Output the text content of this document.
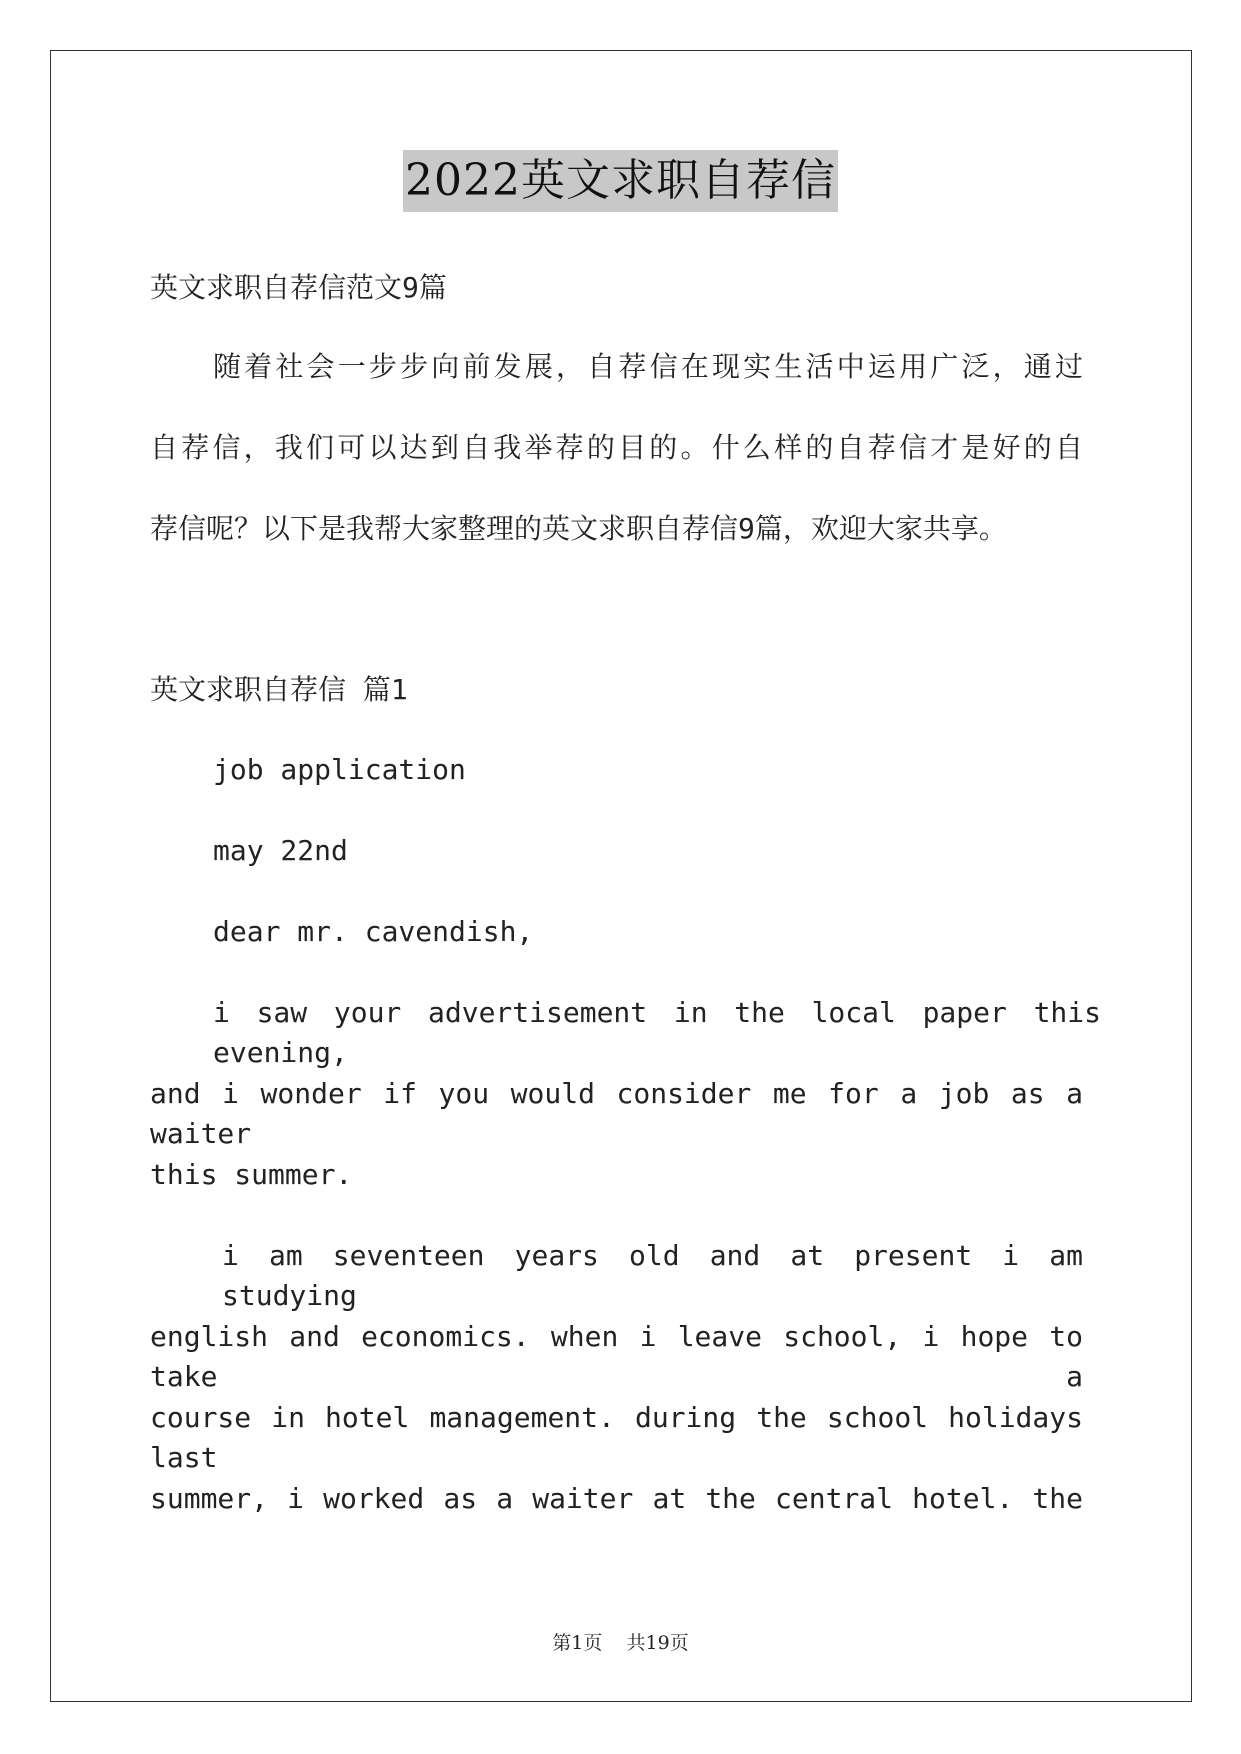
2022英文求职自荐信
英文求职自荐信范文9篇
随着社会一步步向前发展，自荐信在现实生活中运用广泛，通过
自荐信，我们可以达到自我举荐的目的。什么样的自荐信才是好的自
荐信呢？以下是我帮大家整理的英文求职自荐信9篇，欢迎大家共享。
英文求职自荐信 篇1
job application
may 22nd
dear mr. cavendish,
i saw your advertisement in the local paper this evening,
and i wonder if you would consider me for a job as a waiter
this summer.
i am seventeen years old and at present i am studying
english and economics. when i leave school, i hope to take a
course in hotel management. during the school holidays last
summer, i worked as a waiter at the central hotel. the
第1页 共19页
